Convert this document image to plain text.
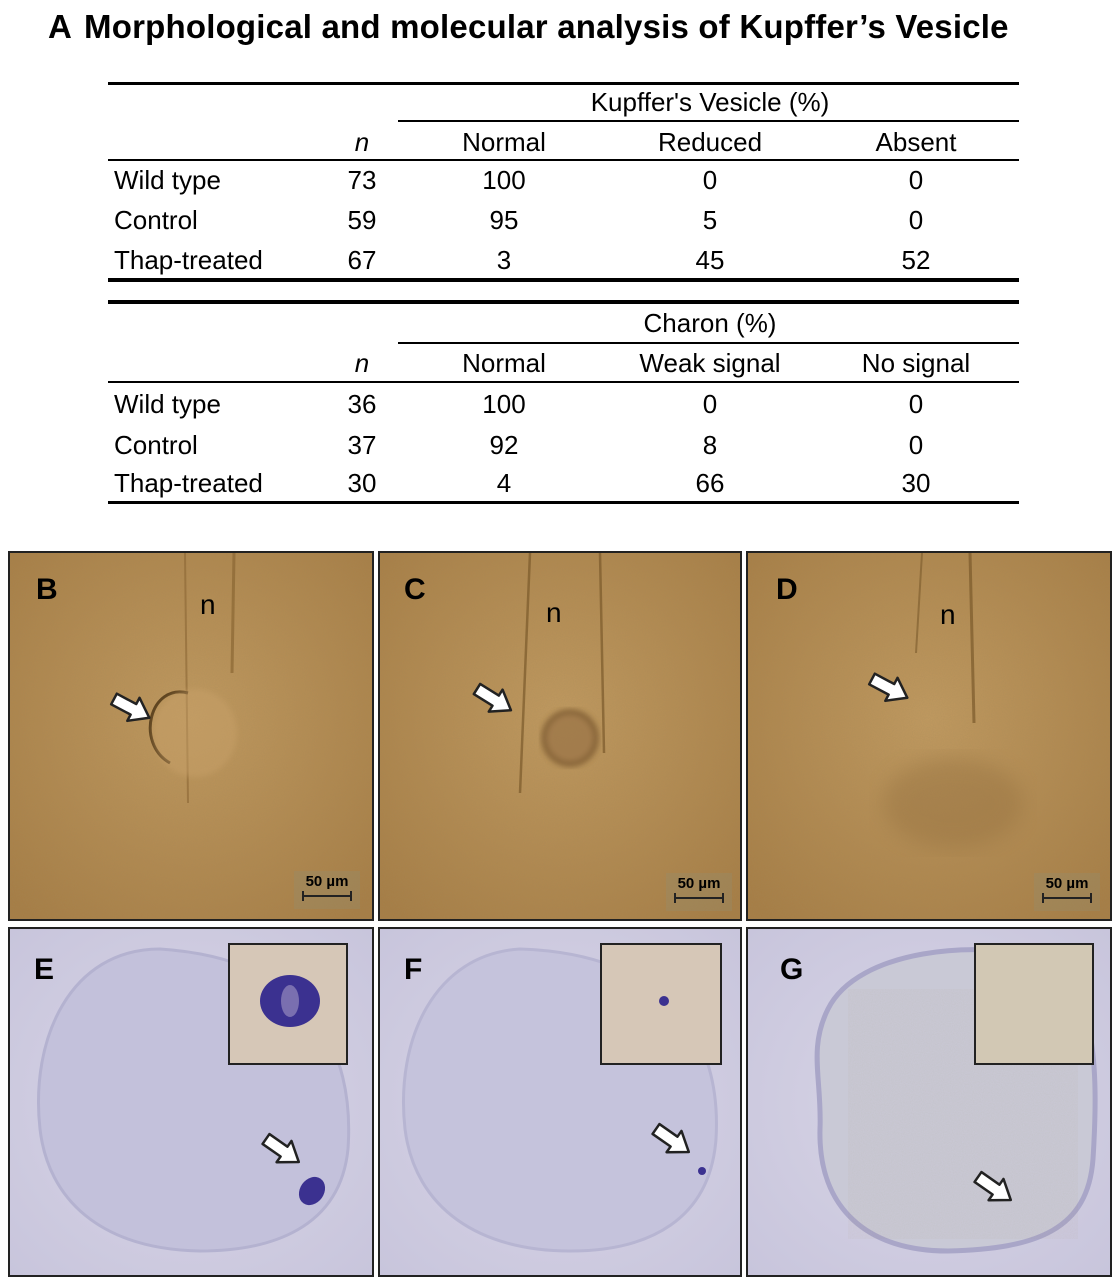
A Morphological and molecular analysis of Kupffer’s Vesicle
Kupffer's Vesicle (%)
n	Normal	Reduced	Absent
Wild type	73	100	0	0
Control	59	95	5	0
Thap-treated	67	3	45	52
Charon (%)
n	Normal	Weak signal	No signal
Wild type	36	100	0	0
Control	37	92	8	0
Thap-treated	30	4	66	30
B	n
50 µm
C
n
50 µm
D
n
50 µm
E	F	G
